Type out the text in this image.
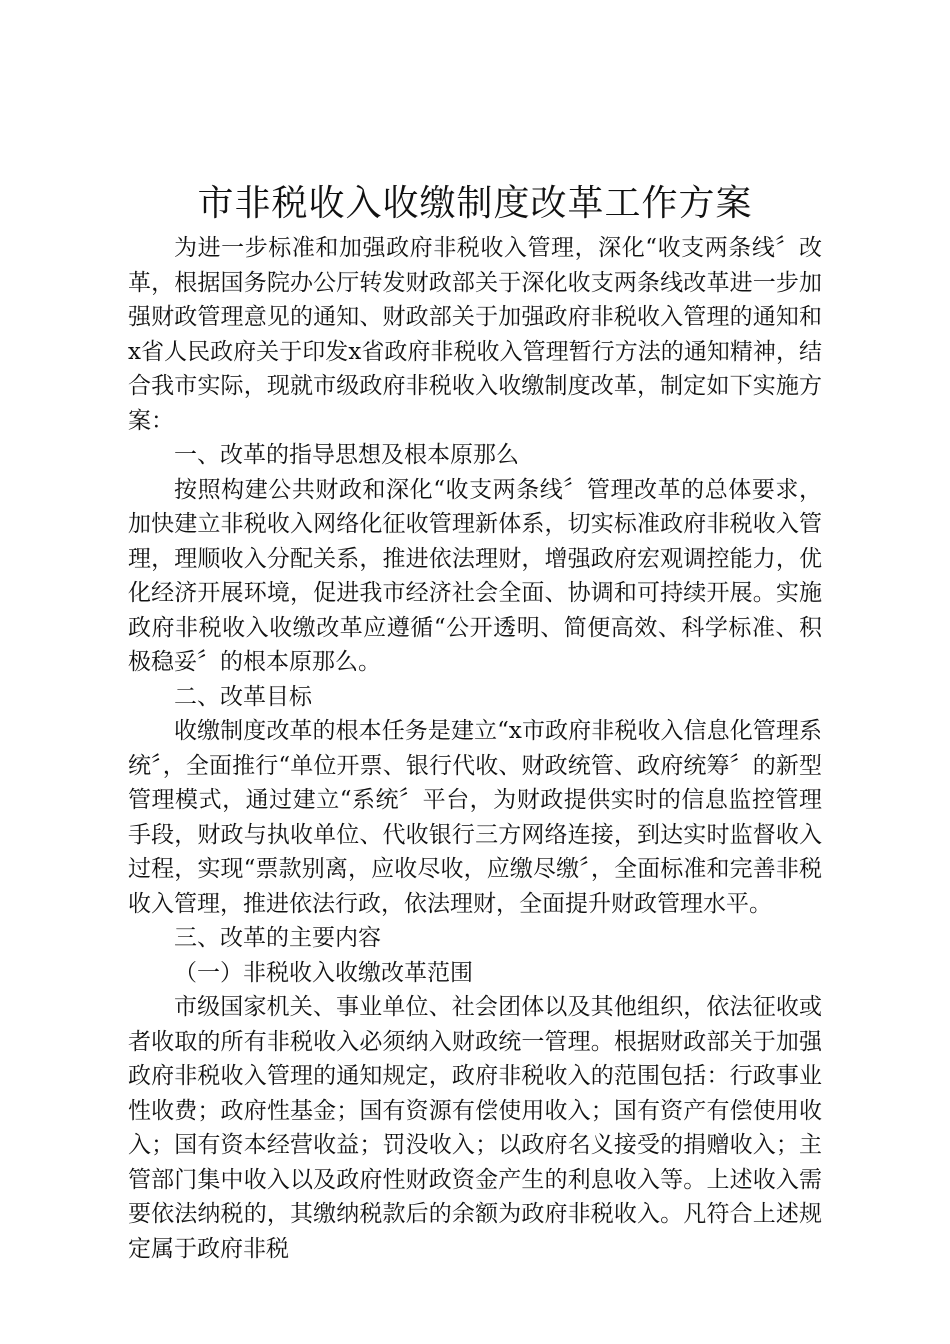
市非税收入收缴制度改革工作方案

为进一步标准和加强政府非税收入管理，深化“收支两条线〞改革，根据国务院办公厅转发财政部关于深化收支两条线改革进一步加强财政管理意见的通知、财政部关于加强政府非税收入管理的通知和x省人民政府关于印发x省政府非税收入管理暂行方法的通知精神，结合我市实际，现就市级政府非税收入收缴制度改革，制定如下实施方案：

一、改革的指导思想及根本原那么

按照构建公共财政和深化“收支两条线〞管理改革的总体要求，加快建立非税收入网络化征收管理新体系，切实标准政府非税收入管理，理顺收入分配关系，推进依法理财，增强政府宏观调控能力，优化经济开展环境，促进我市经济社会全面、协调和可持续开展。实施政府非税收入收缴改革应遵循“公开透明、简便高效、科学标准、积极稳妥〞的根本原那么。

二、改革目标

收缴制度改革的根本任务是建立“x市政府非税收入信息化管理系统〞，全面推行“单位开票、银行代收、财政统管、政府统筹〞的新型管理模式，通过建立“系统〞平台，为财政提供实时的信息监控管理手段，财政与执收单位、代收银行三方网络连接，到达实时监督收入过程，实现“票款别离，应收尽收，应缴尽缴〞，全面标准和完善非税收入管理，推进依法行政，依法理财，全面提升财政管理水平。

三、改革的主要内容

（一）非税收入收缴改革范围

市级国家机关、事业单位、社会团体以及其他组织，依法征收或者收取的所有非税收入必须纳入财政统一管理。根据财政部关于加强政府非税收入管理的通知规定，政府非税收入的范围包括：行政事业性收费；政府性基金；国有资源有偿使用收入；国有资产有偿使用收入；国有资本经营收益；罚没收入；以政府名义接受的捐赠收入；主管部门集中收入以及政府性财政资金产生的利息收入等。上述收入需要依法纳税的，其缴纳税款后的余额为政府非税收入。凡符合上述规定属于政府非税
